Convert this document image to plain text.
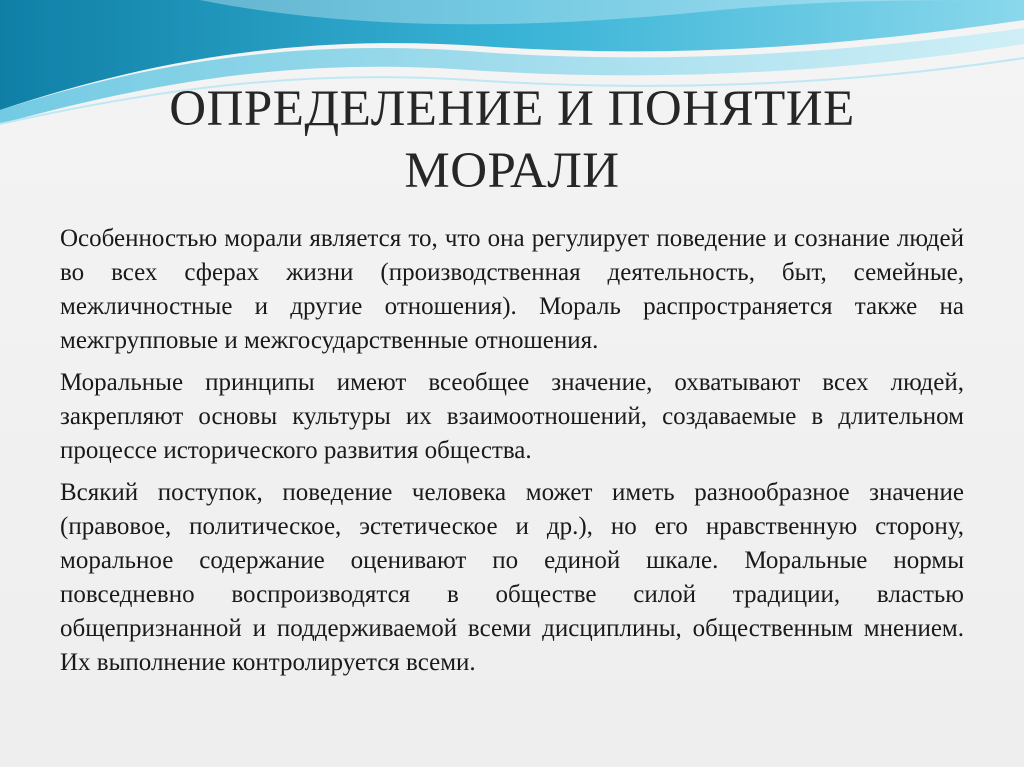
ОПРЕДЕЛЕНИЕ И ПОНЯТИЕ
МОРАЛИ

Особенностью морали является то, что она регулирует поведение и сознание людей во всех сферах жизни (производственная деятельность, быт, семейные, межличностные и другие отношения). Мораль распространяется также на межгрупповые и межгосударственные отношения.

Моральные принципы имеют всеобщее значение, охватывают всех людей, закрепляют основы культуры их взаимоотношений, создаваемые в длительном процессе исторического развития общества.

Всякий поступок, поведение человека может иметь разнообразное значение (правовое, политическое, эстетическое и др.), но его нравственную сторону, моральное содержание оценивают по единой шкале. Моральные нормы повседневно воспроизводятся в обществе силой традиции, властью общепризнанной и поддерживаемой всеми дисциплины, общественным мнением. Их выполнение контролируется всеми.
